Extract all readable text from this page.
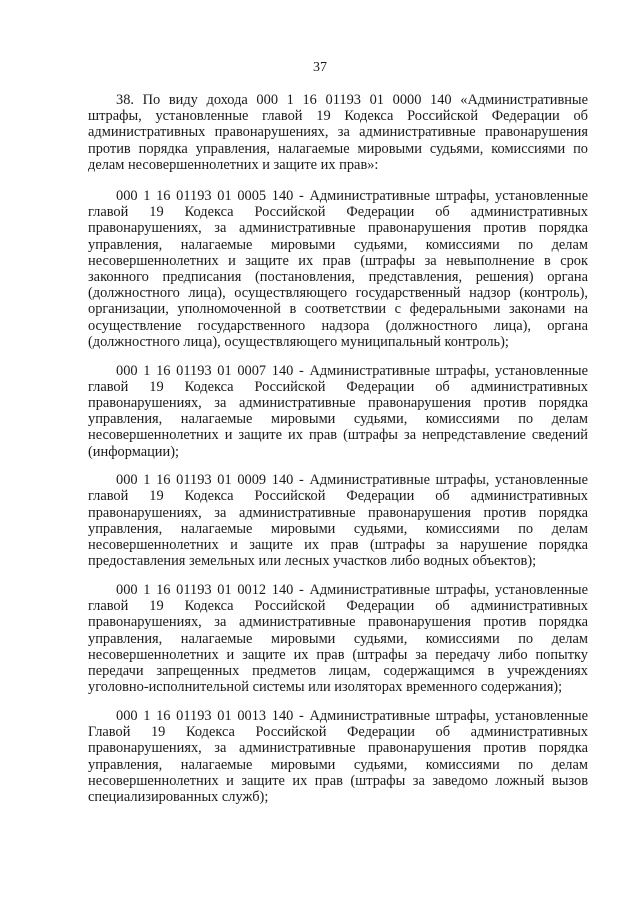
37

38. По виду дохода 000 1 16 01193 01 0000 140 «Административные штрафы, установленные главой 19 Кодекса Российской Федерации об административных правонарушениях, за административные правонарушения против порядка управления, налагаемые мировыми судьями, комиссиями по делам несовершеннолетних и защите их прав»:

000 1 16 01193 01 0005 140 - Административные штрафы, установленные главой 19 Кодекса Российской Федерации об административных правонарушениях, за административные правонарушения против порядка управления, налагаемые мировыми судьями, комиссиями по делам несовершеннолетних и защите их прав (штрафы за невыполнение в срок законного предписания (постановления, представления, решения) органа (должностного лица), осуществляющего государственный надзор (контроль), организации, уполномоченной в соответствии с федеральными законами на осуществление государственного надзора (должностного лица), органа (должностного лица), осуществляющего муниципальный контроль);

000 1 16 01193 01 0007 140 - Административные штрафы, установленные главой 19 Кодекса Российской Федерации об административных правонарушениях, за административные правонарушения против порядка управления, налагаемые мировыми судьями, комиссиями по делам несовершеннолетних и защите их прав (штрафы за непредставление сведений (информации);

000 1 16 01193 01 0009 140 - Административные штрафы, установленные главой 19 Кодекса Российской Федерации об административных правонарушениях, за административные правонарушения против порядка управления, налагаемые мировыми судьями, комиссиями по делам несовершеннолетних и защите их прав (штрафы за нарушение порядка предоставления земельных или лесных участков либо водных объектов);

000 1 16 01193 01 0012 140 - Административные штрафы, установленные главой 19 Кодекса Российской Федерации об административных правонарушениях, за административные правонарушения против порядка управления, налагаемые мировыми судьями, комиссиями по делам несовершеннолетних и защите их прав (штрафы за передачу либо попытку передачи запрещенных предметов лицам, содержащимся в учреждениях уголовно-исполнительной системы или изоляторах временного содержания);

000 1 16 01193 01 0013 140 - Административные штрафы, установленные Главой 19 Кодекса Российской Федерации об административных правонарушениях, за административные правонарушения против порядка управления, налагаемые мировыми судьями, комиссиями по делам несовершеннолетних и защите их прав (штрафы за заведомо ложный вызов специализированных служб);
